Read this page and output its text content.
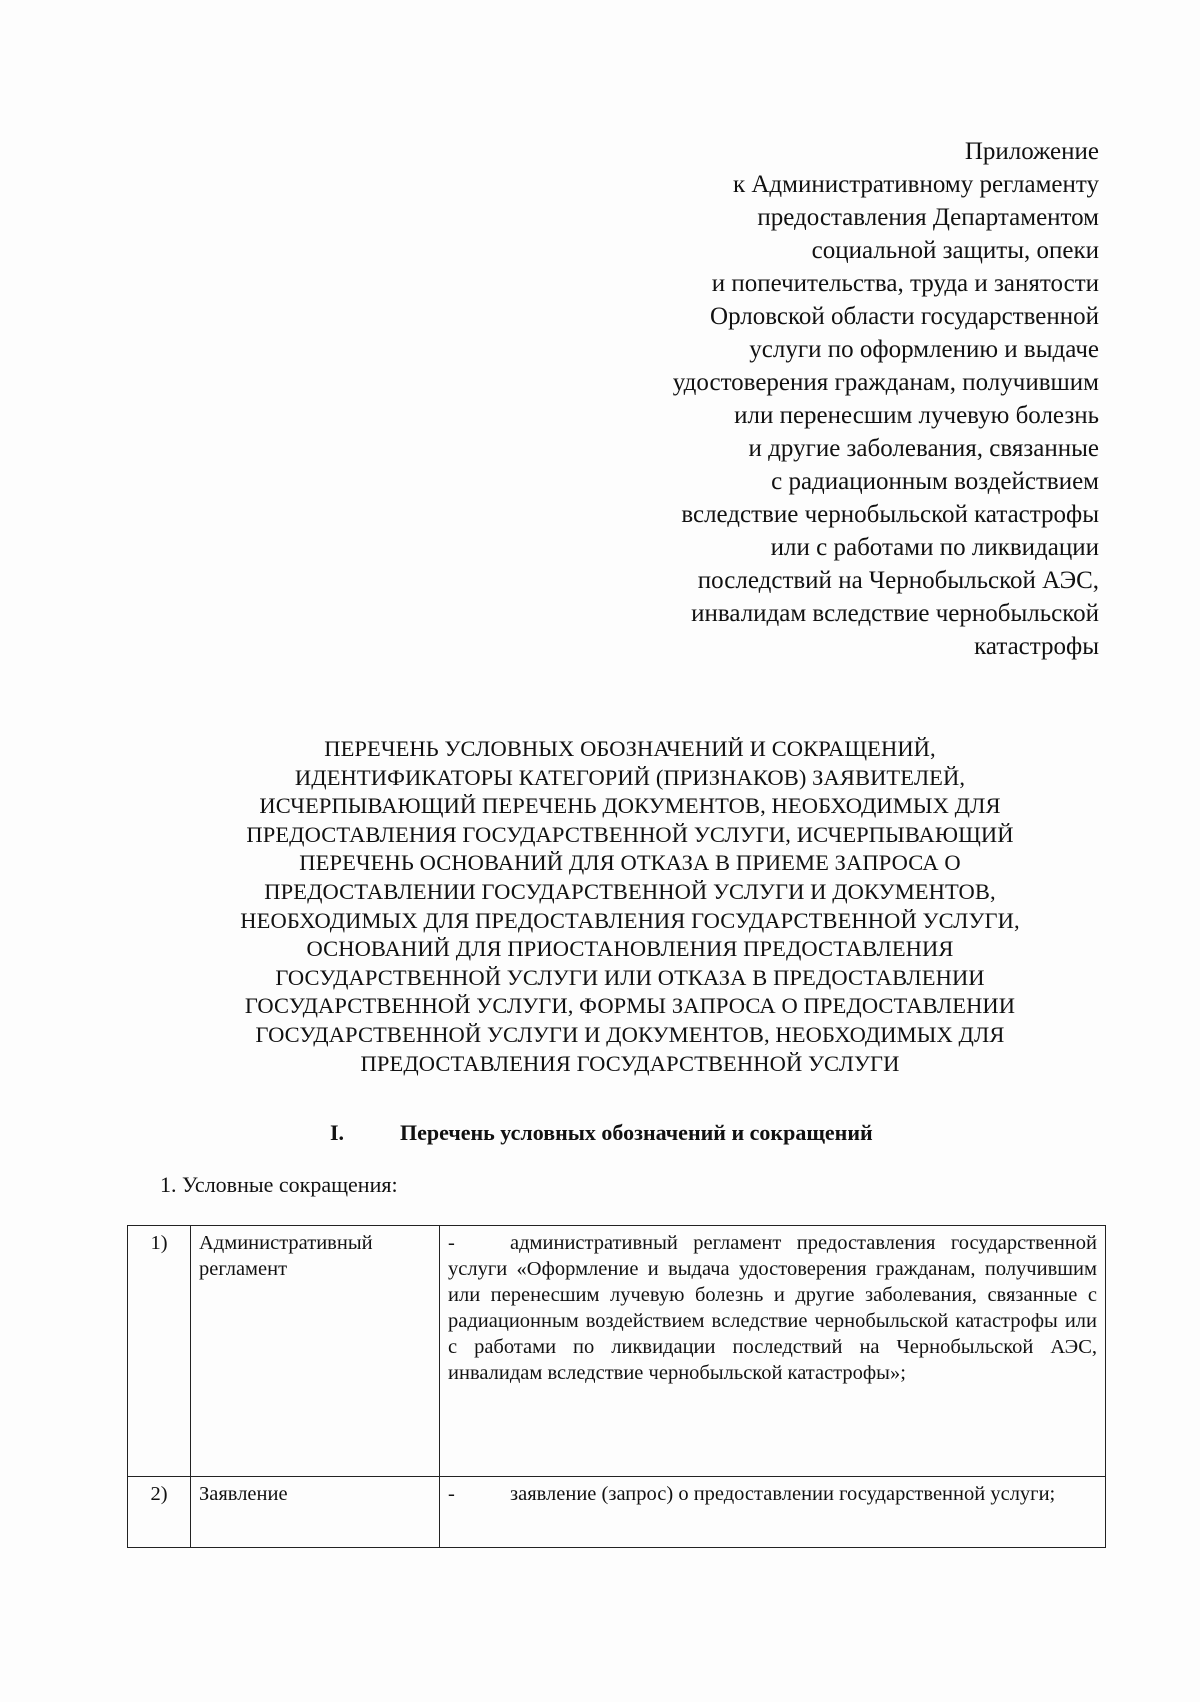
Приложение
к Административному регламенту
предоставления Департаментом
социальной защиты, опеки
и попечительства, труда и занятости
Орловской области государственной
услуги по оформлению и выдаче
удостоверения гражданам, получившим
или перенесшим лучевую болезнь
и другие заболевания, связанные
с радиационным воздействием
вследствие чернобыльской катастрофы
или с работами по ликвидации
последствий на Чернобыльской АЭС,
инвалидам вследствие чернобыльской
катастрофы
ПЕРЕЧЕНЬ УСЛОВНЫХ ОБОЗНАЧЕНИЙ И СОКРАЩЕНИЙ,
ИДЕНТИФИКАТОРЫ КАТЕГОРИЙ (ПРИЗНАКОВ) ЗАЯВИТЕЛЕЙ,
ИСЧЕРПЫВАЮЩИЙ ПЕРЕЧЕНЬ ДОКУМЕНТОВ, НЕОБХОДИМЫХ ДЛЯ
ПРЕДОСТАВЛЕНИЯ ГОСУДАРСТВЕННОЙ УСЛУГИ, ИСЧЕРПЫВАЮЩИЙ
ПЕРЕЧЕНЬ ОСНОВАНИЙ ДЛЯ ОТКАЗА В ПРИЕМЕ ЗАПРОСА О
ПРЕДОСТАВЛЕНИИ ГОСУДАРСТВЕННОЙ УСЛУГИ И ДОКУМЕНТОВ,
НЕОБХОДИМЫХ ДЛЯ ПРЕДОСТАВЛЕНИЯ ГОСУДАРСТВЕННОЙ УСЛУГИ,
ОСНОВАНИЙ ДЛЯ ПРИОСТАНОВЛЕНИЯ ПРЕДОСТАВЛЕНИЯ
ГОСУДАРСТВЕННОЙ УСЛУГИ ИЛИ ОТКАЗА В ПРЕДОСТАВЛЕНИИ
ГОСУДАРСТВЕННОЙ УСЛУГИ, ФОРМЫ ЗАПРОСА О ПРЕДОСТАВЛЕНИИ
ГОСУДАРСТВЕННОЙ УСЛУГИ И ДОКУМЕНТОВ, НЕОБХОДИМЫХ ДЛЯ
ПРЕДОСТАВЛЕНИЯ ГОСУДАРСТВЕННОЙ УСЛУГИ
I.	Перечень условных обозначений и сокращений
1. Условные сокращения:
1)	Административный регламент	- административный регламент предоставления государственной услуги «Оформление и выдача удостоверения гражданам, получившим или перенесшим лучевую болезнь и другие заболевания, связанные с радиационным воздействием вследствие чернобыльской катастрофы или с работами по ликвидации последствий на Чернобыльской АЭС, инвалидам вследствие чернобыльской катастрофы»;
2)	Заявление	- заявление (запрос) о предоставлении государственной услуги;
